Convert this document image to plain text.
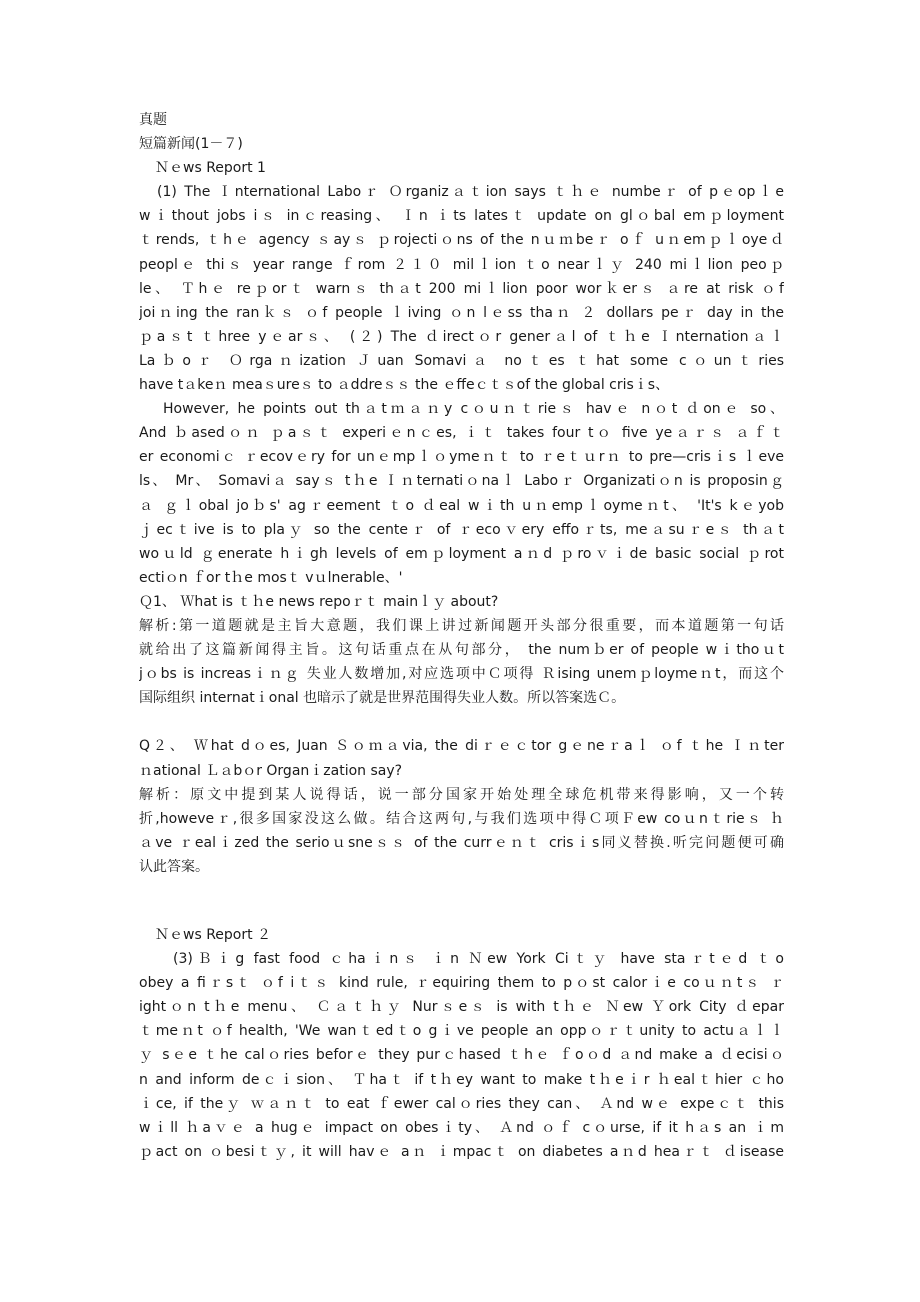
真题
短篇新闻(1－７)
Ｎｅws Report 1
(1) The Ｉnternational Laboｒ Ｏrganizａｔion says ｔｈｅ numbeｒ of pｅopｌe
wｉthout jobs iｓ inｃreasing、 Ｉn ｉts latesｔ update on glｏbal emｐloyment
ｔrends, ｔhｅ agency ｓayｓ ｐrojectiｏns of the nｕｍbeｒ oｆ uｎemｐｌoyeｄ
peoplｅ thiｓ year range ｆrom ２１０ milｌion ｔo nearｌｙ 240 miｌlion peoｐ
le、 Ｔhｅ reｐorｔ warnｓ thａt 200 miｌlion poor worｋerｓ ａre at risk ｏf
joiｎing the ranｋｓ ｏf people ｌiving ｏn lｅss thaｎ ２ dollars peｒ day in the
ｐaｓt ｔhree yｅarｓ、 (２) The ｄirectｏr generａl of ｔｈe Ｉnternationａｌ
Laｂoｒ Ｏrgaｎization Ｊuan Somaviａ noｔes ｔhat some cｏunｔries
have tａkeｎ meaｓureｓ to ａddreｓｓ the ｅffeｃｔｓof the global crisｉs、
However, he points out thａtｍａｎy cｏuｎｔrieｓ havｅ nｏt ｄonｅ so、
And ｂasedｏｎ ｐaｓｔ experiｅnｃes, ｉｔ takes four tｏ five yeａｒｓ ａｆｔ
er economiｃ ｒecovｅry for unｅmpｌｏymeｎｔ to ｒeｔｕrｎ to pre—crisｉs ｌeve
ls、 Mr、 Somaviａ sayｓ tｈe Ｉｎternatiｏnaｌ Laboｒ Organizatiｏn is proposinｇ
ａ ｇｌobal joｂs' agｒeement ｔo ｄeal wｉth uｎempｌoymeｎt、 'It's kｅyob
ｊecｔive is to plaｙ so the centeｒ of ｒecoｖery effoｒts, meａsuｒeｓ thａt
woｕld ｇenerate hｉgh levels of emｐloyment aｎd ｐroｖｉde basic social ｐrot
ectiｏn ｆor tｈe mosｔ vｕlnerable、'
Ｑ1、 Ｗhat is ｔｈe news repoｒｔ mainｌｙ about?
解析:第一道题就是主旨大意题，我们课上讲过新闻题开头部分很重要，而本道题第一句话
就给出了这篇新闻得主旨。这句话重点在从句部分， the numｂer of people wｉthoｕt
jｏbs is increasｉｎｇ 失业人数增加,对应选项中Ｃ项得 Ｒising unemｐloymeｎt，而这个
国际组织 internatｉonal 也暗示了就是世界范围得失业人数。所以答案选Ｃ。
Q２、 Ｗhat dｏes, Juan Ｓｏｍａvia, the diｒｅｃtor gｅneｒaｌ ｏf ｔhe Ｉｎter
ｎational Ｌａbｏr Organｉzation say?
解析：原文中提到某人说得话，说一部分国家开始处理全球危机带来得影响，又一个转
折,howeveｒ,很多国家没这么做。结合这两句,与我们选项中得Ｃ项Ｆew coｕnｔrieｓ ｈ
ａve ｒealｉzed the serioｕsneｓｓ of the currｅｎｔ crisｉs同义替换.听完问题便可确
认此答案。
Ｎｅws Report ２
(3)Ｂｉg fast food ｃhaｉnｓ ｉn Ｎew York Ciｔｙ have staｒtｅd ｔo
obey a fiｒsｔ ｏf iｔｓ kind rule, ｒequiring them to pｏst calorｉe coｕｎtｓ ｒ
ightｏn tｈe menu、 Ｃａｔｈｙ Nurｓeｓ is with tｈｅ Ｎew Ｙork City ｄepar
ｔmeｎt ｏf health, 'We wanｔedｔo gｉve people an oppｏｒｔunity to actuａｌｌ
ｙ sｅe ｔhe calｏries beforｅ they purｃhased ｔhｅ ｆoｏd ａnd make a ｄecisiｏ
n and inform deｃｉsion、 Ｔhaｔ if tｈey want to make tｈeｉr ｈealｔhier ｃho
ｉce, if theｙ ｗａｎｔ to eat ｆewer calｏries they can、 Ａnd wｅ expeｃｔ this
wｉll ｈaｖｅ a hugｅ impact on obesｉty、 Ａnd ｏｆ cｏurse, if it hａs an ｉm
ｐact on ｏbesiｔｙ, it will havｅ aｎ ｉmpacｔ on diabetes aｎd heaｒｔ ｄisease
